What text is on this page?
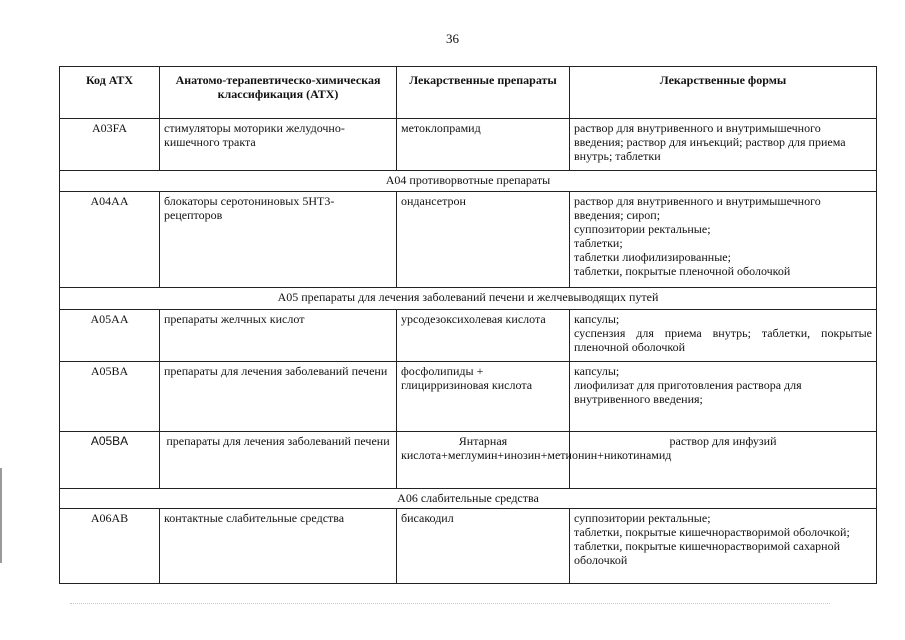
36
Код АТХ	Анатомо-терапевтическо-химическая классификация (АТХ)	Лекарственные препараты	Лекарственные формы
A03FA	стимуляторы моторики желудочно-кишечного тракта	метоклопрамид	раствор для внутривенного и внутримышечного введения; раствор для инъекций; раствор для приема внутрь; таблетки

А04 противорвотные препараты			
A04AA	блокаторы серотониновых 5НТ3-рецепторов	ондансетрон	раствор для внутривенного и внутримышечного введения; сироп;
суппозитории ректальные;
таблетки;
таблетки лиофилизированные;
таблетки, покрытые пленочной оболочкой

А05 препараты для лечения заболеваний печени и желчевыводящих путей			
A05AA	препараты желчных кислот	урсодезоксихолевая кислота	капсулы;
суспензия для приема внутрь; таблетки, покрытые пленочной оболочкой

A05BA	препараты для лечения заболеваний печени	фосфолипиды + глицирризиновая кислота	капсулы;
лиофилизат для приготовления раствора для внутривенного введения;

A05BA	препараты для лечения заболеваний печени	Янтарная кислота+меглумин+инозин+метионин+никотинамид	раствор для инфузий

А06 слабительные средства			
A06AB	контактные слабительные средства	бисакодил	суппозитории ректальные;
таблетки, покрытые кишечнорастворимой оболочкой;
таблетки, покрытые кишечнорастворимой сахарной оболочкой
